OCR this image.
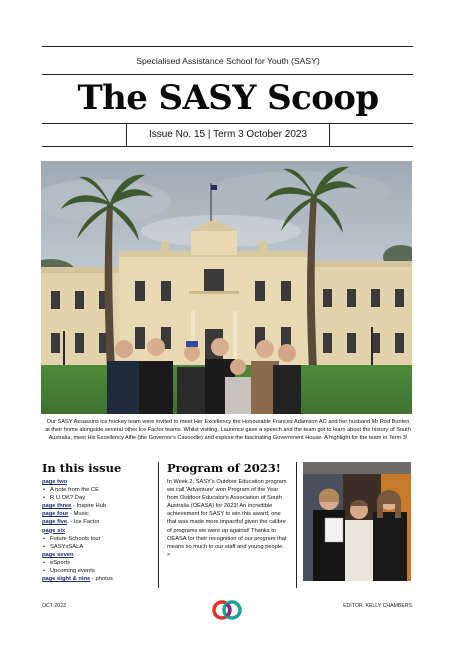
Specialised Assistance School for Youth (SASY)
The SASY Scoop
Issue No. 15 | Term 3 October 2023
Our SASY Assassins ice hockey team were invited to meet Her Excellency the Honourable Frances Adamson AC and her husband Mr Rod Bunten at their home alongside several other Ice Factor teams. Whilst visiting, Laurence gave a speech and the team got to learn about the history of South Australia, meet His Excellency Alfie (the Governor's Cavoodle) and explore the fascinating Government House. A highlight for the team in Term 3!
In this issue
page two
• A note from the CE
• R U OK? Day
page three - Inspire Hub
page four - Music
page five. - Ice Factor
page six
• Future Schools tour
• SASYxSALA
page seven
• eSports
• Upcoming events
page eight & nine - photos
Program of 2023!
In Week 2, SASY's Outdoor Education program we call 'Adventure' won Program of the Year from Outdoor Educator's Association of South Australia (OEASA) for 2023! An incredible achievement for SASY to win this award, one that was made more impactful given the calibre of programs we were up against! Thanks to OEASA for their recognition of our program that means so much to our staff and young people.
>
OCT 2023	EDITOR: KELLY CHAMBERS
